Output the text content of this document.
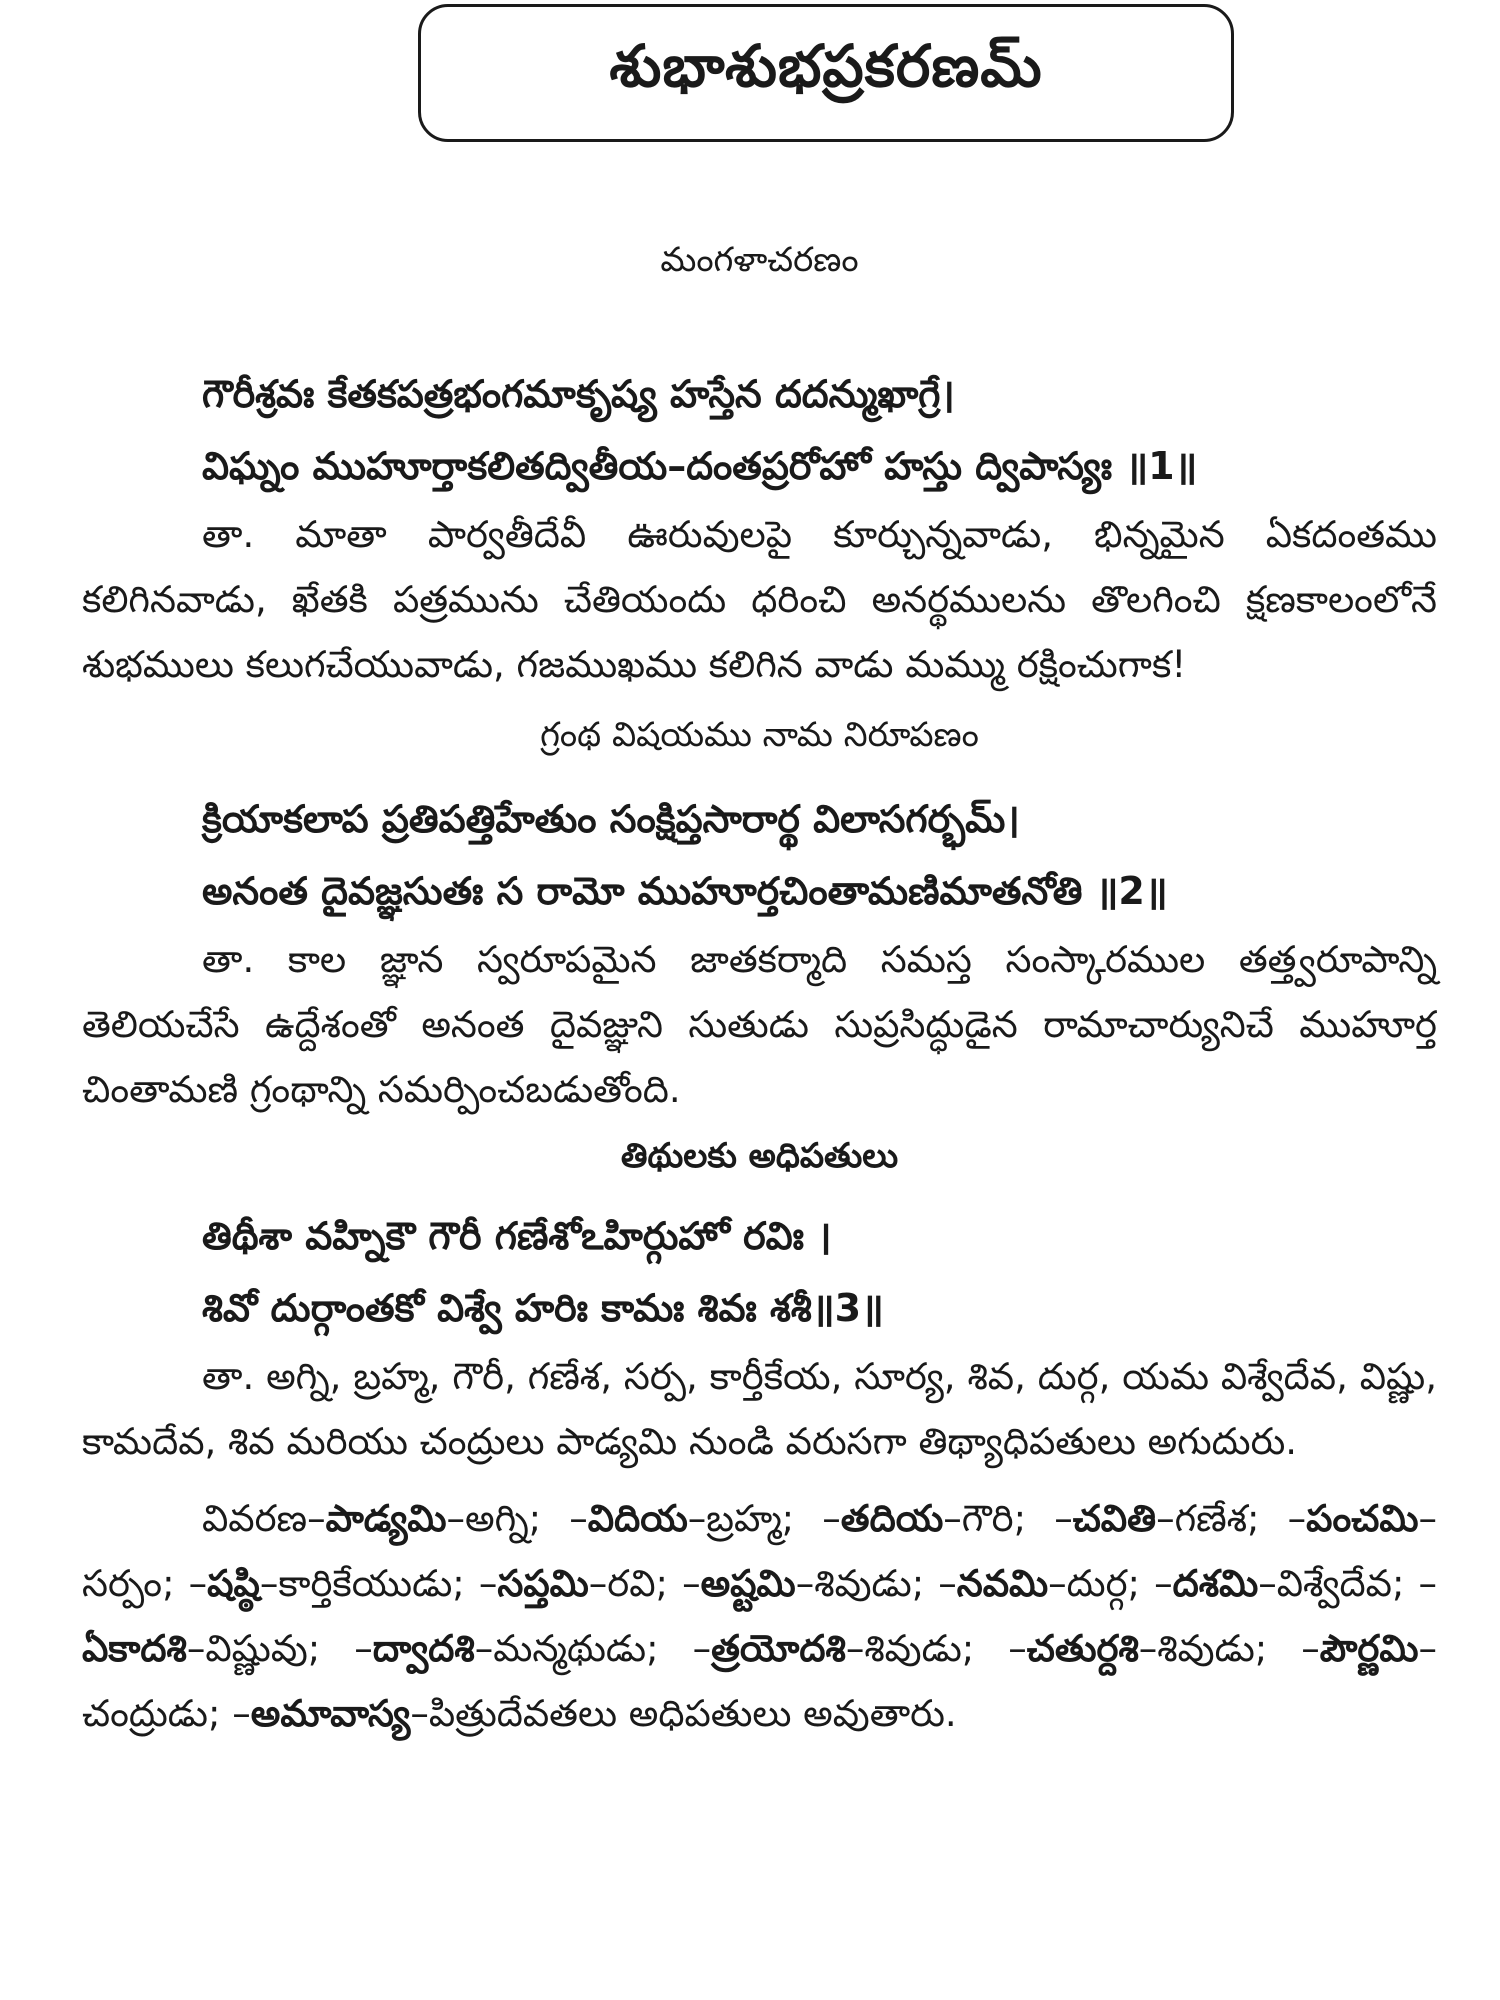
శుభాశుభప్రకరణమ్

మంగళాచరణం

గౌరీశ్రవః కేతకపత్రభంగమాకృష్య హస్తేన దదన్ముఖాగ్రే।

విఘ్నం ముహూర్తాకలితద్వితీయ–దంతప్రరోహో హస్తు ద్విపాస్యః ॥1॥

తా. మాతా పార్వతీదేవీ ఊరువులపై కూర్చున్నవాడు, భిన్నమైన ఏకదంతము కలిగినవాడు, ఖేతకి పత్రమును చేతియందు ధరించి అనర్థములను తొలగించి క్షణకాలంలోనే శుభములు కలుగచేయువాడు, గజముఖము కలిగిన వాడు మమ్ము రక్షించుగాక!

గ్రంథ విషయము నామ నిరూపణం

క్రియాకలాప ప్రతిపత్తిహేతుం సంక్షిప్తసారార్థ విలాసగర్భమ్।

అనంత దైవజ్ఞసుతః స రామో ముహూర్తచింతామణిమాతనోతి ॥2॥

తా. కాల జ్ఞాన స్వరూపమైన జాతకర్మాది సమస్త సంస్కారముల తత్త్వరూపాన్ని తెలియచేసే ఉద్దేశంతో అనంత దైవజ్ఞుని సుతుడు సుప్రసిద్ధుడైన రామాచార్యునిచే ముహూర్త చింతామణి గ్రంథాన్ని సమర్పించబడుతోంది.

తిథులకు అధిపతులు

తిథీశా వహ్నికౌ గౌరీ గణేశోఽహిర్గుహో రవిః ।

శివో దుర్గాంతకో విశ్వే హరిః కామః శివః శశీ॥3॥

తా. అగ్ని, బ్రహ్మ, గౌరీ, గణేశ, సర్ప, కార్తీకేయ, సూర్య, శివ, దుర్గ, యమ విశ్వేదేవ, విష్ణు, కామదేవ, శివ మరియు చంద్రులు పాడ్యమి నుండి వరుసగా తిథ్యాధిపతులు అగుదురు.

వివరణ–పాడ్యమి–అగ్ని; –విదియ–బ్రహ్మ; –తదియ–గౌరి; –చవితి–గణేశ; –పంచమి– సర్పం; –షష్ఠి–కార్తికేయుడు; –సప్తమి–రవి; –అష్టమి–శివుడు; –నవమి–దుర్గ; –దశమి–విశ్వేదేవ; –ఏకాదశి–విష్ణువు; –ద్వాదశి–మన్మథుడు; –త్రయోదశి–శివుడు; –చతుర్దశి–శివుడు; –పౌర్ణమి–చంద్రుడు; –అమావాస్య–పిత్రుదేవతలు అధిపతులు అవుతారు.
